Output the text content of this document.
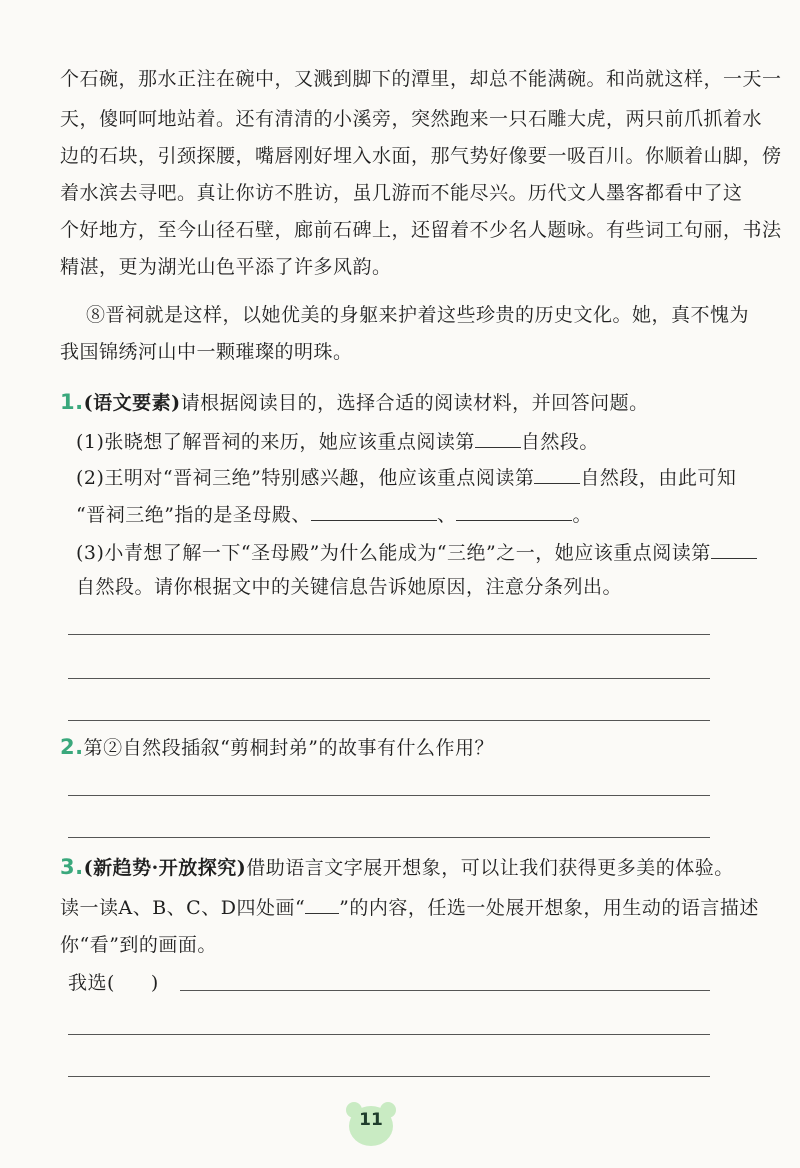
个石碗，那水正注在碗中，又溅到脚下的潭里，却总不能满碗。和尚就这样，一天一
天，傻呵呵地站着。还有清清的小溪旁，突然跑来一只石雕大虎，两只前爪抓着水
边的石块，引颈探腰，嘴唇刚好埋入水面，那气势好像要一吸百川。你顺着山脚，傍
着水滨去寻吧。真让你访不胜访，虽几游而不能尽兴。历代文人墨客都看中了这
个好地方，至今山径石壁，廊前石碑上，还留着不少名人题咏。有些词工句丽，书法
精湛，更为湖光山色平添了许多风韵。
⑧晋祠就是这样，以她优美的身躯来护着这些珍贵的历史文化。她，真不愧为
我国锦绣河山中一颗璀璨的明珠。
1.(语文要素)请根据阅读目的，选择合适的阅读材料，并回答问题。
(1)张晓想了解晋祠的来历，她应该重点阅读第 自然段。
(2)王明对“晋祠三绝”特别感兴趣，他应该重点阅读第 自然段，由此可知
“晋祠三绝”指的是圣母殿、	、	。
(3)小青想了解一下“圣母殿”为什么能成为“三绝”之一，她应该重点阅读第
自然段。请你根据文中的关键信息告诉她原因，注意分条列出。
2.第②自然段插叙“剪桐封弟”的故事有什么作用？
3.(新趋势·开放探究)借助语言文字展开想象，可以让我们获得更多美的体验。
读一读A、B、C、D四处画“ ”的内容，任选一处展开想象，用生动的语言描述
你“看”到的画面。
我选( )
11
